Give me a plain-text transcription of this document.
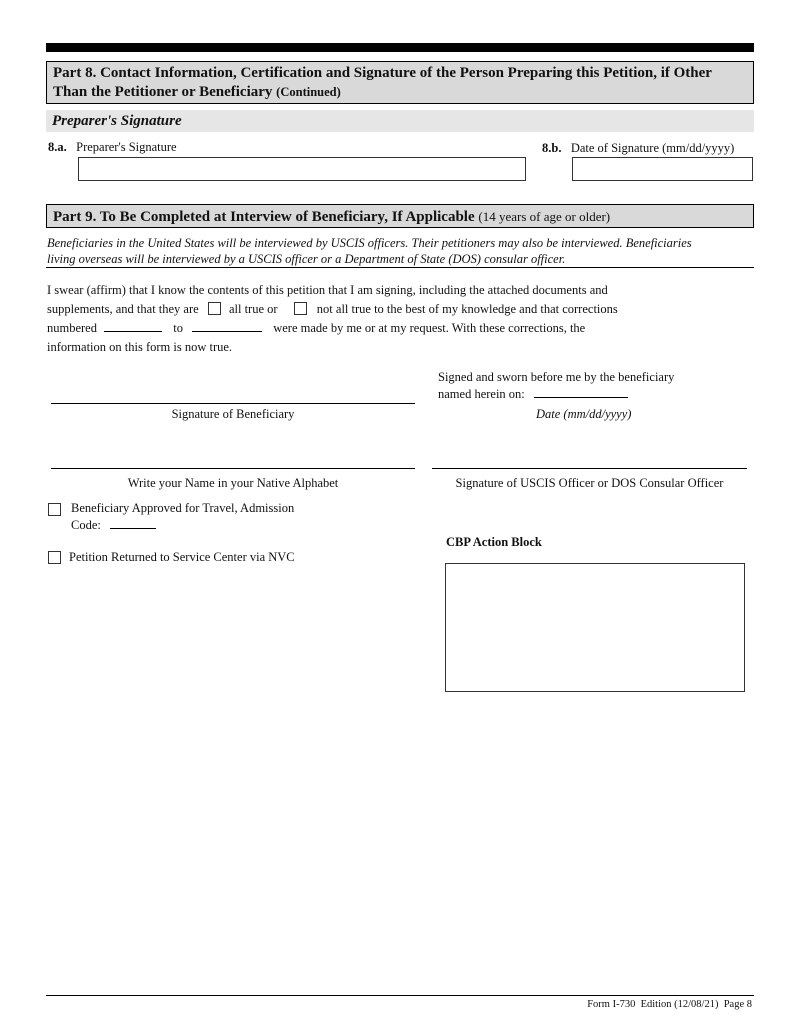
Part 8. Contact Information, Certification and Signature of the Person Preparing this Petition, if Other
Than the Petitioner or Beneficiary (Continued)
Preparer's Signature
8.a. Preparer's Signature	8.b. Date of Signature (mm/dd/yyyy)
Part 9. To Be Completed at Interview of Beneficiary, If Applicable (14 years of age or older)
Beneficiaries in the United States will be interviewed by USCIS officers. Their petitioners may also be interviewed. Beneficiaries
living overseas will be interviewed by a USCIS officer or a Department of State (DOS) consular officer.
I swear (affirm) that I know the contents of this petition that I am signing, including the attached documents and
supplements, and that they are all true or	not all true to the best of my knowledge and that corrections
numbered	to	were made by me or at my request. With these corrections, the
information on this form is now true.
Signed and sworn before me by the beneficiary
named herein on:
Signature of Beneficiary	Date (mm/dd/yyyy)
Write your Name in your Native Alphabet	Signature of USCIS Officer or DOS Consular Officer
Beneficiary Approved for Travel, Admission
Code:
Petition Returned to Service Center via NVC
CBP Action Block
Form I-730 Edition (12/08/21) Page 8
